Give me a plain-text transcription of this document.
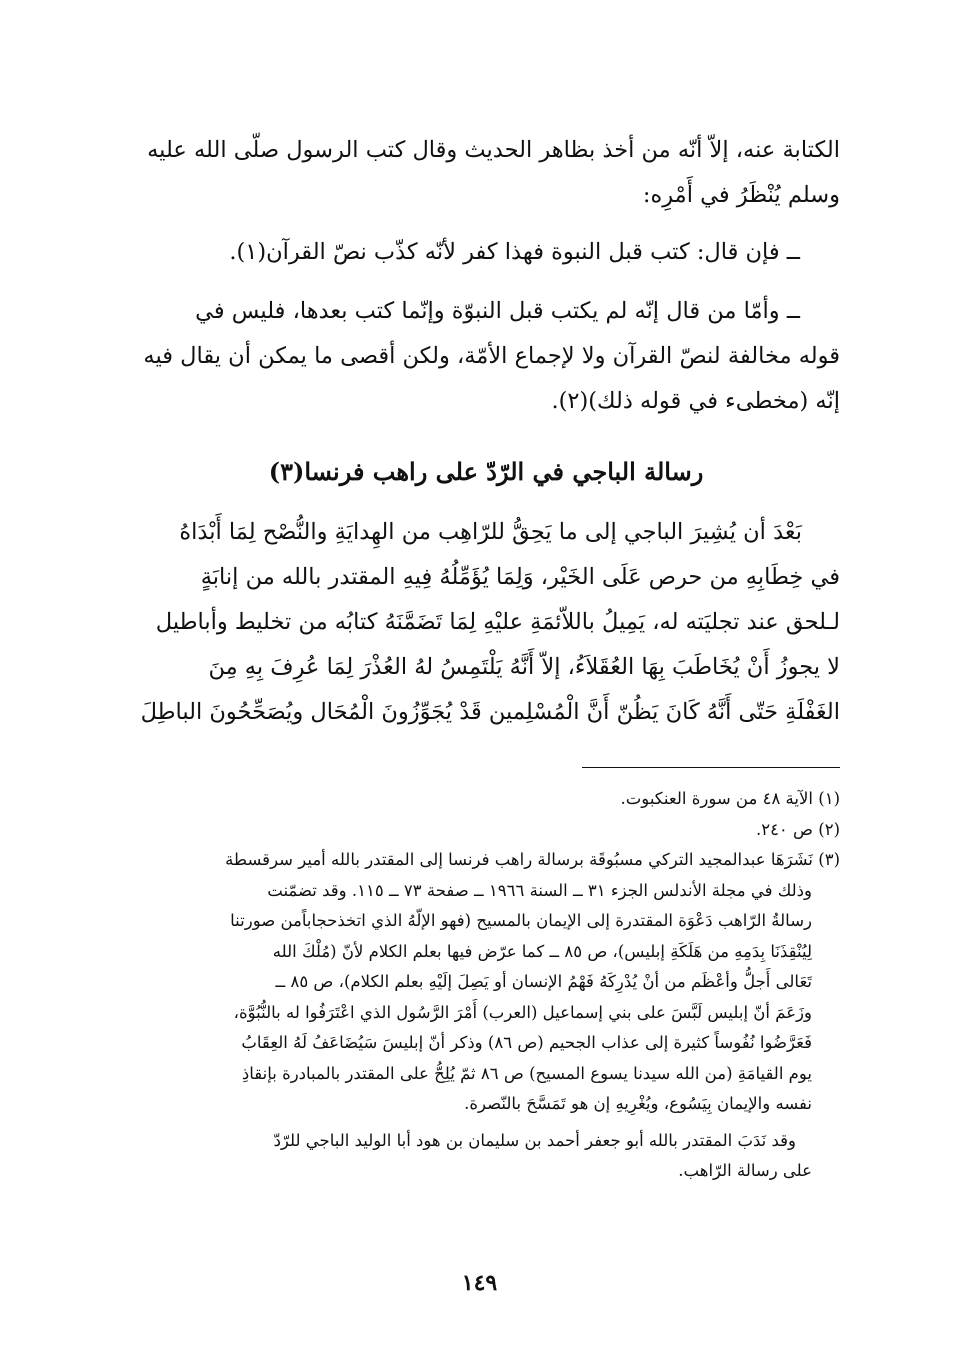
الكتابة عنه، إلاّ أنّه من أخذ بظاهر الحديث وقال كتب الرسول صلّى الله عليه
وسلم يُنْظَرُ في أَمْرِه:

ــ فإن قال: كتب قبل النبوة فهذا كفر لأنّه كذّب نصّ القرآن(١).

ــ وأمّا من قال إنّه لم يكتب قبل النبوّة وإنّما كتب بعدها، فليس في
قوله مخالفة لنصّ القرآن ولا لإجماع الأمّة، ولكن أقصى ما يمكن أن يقال فيه
إنّه (مخطىء في قوله ذلك)(٢).

رسالة الباجي في الرّدّ على راهب فرنسا(٣)
بَعْدَ أن يُشِيرَ الباجي إلى ما يَحِقُّ للرّاهِب من الهِدايَةِ والنُّصْح لِمَا أَبْدَاهُ
في خِطَابِهِ من حرص عَلَى الخَيْر، وَلِمَا يُؤَمِّلُهُ فِيهِ المقتدر بالله من إنابَةٍ
لـلحق عند تجليَته له، يَمِيلُ باللاّئمَةِ عليْهِ لِمَا تَضَمَّنَهُ كتابُه من تخليط وأباطيل
لا يجوزُ أَنْ يُخَاطَبَ بِهَا العُقَلاَءُ، إلاّ أَنَّهُ يَلْتَمِسُ لهُ العُذْرَ لِمَا عُرِفَ بِهِ مِنَ
الغَفْلَةِ حَتّى أَنَّهُ كَانَ يَظُنّ أَنَّ الْمُسْلِمين قَدْ يُجَوِّزُونَ الْمُحَال ويُصَحِّحُونَ الباطِلَ
(١) الآية ٤٨ من سورة العنكبوت.
(٢) ص ٢٤٠.
(٣) نَشَرَهَا عبدالمجيد التركي مسبُوقَة برسالة راهب فرنسا إلى المقتدر بالله أمير سرقسطة
وذلك في مجلة الأندلس الجزء ٣١ ــ السنة ١٩٦٦ ــ صفحة ٧٣ ــ ١١٥. وقد تضمّنت
رسالةُ الرّاهب دَعْوَة المقتدرة إلى الإيمان بالمسيح (فهو الإلّهُ الذي اتخذحجاباًمن صورتنا
لِيُنْقِذَنَا بِدَمِهِ من هَلَكَةِ إبليس)، ص ٨٥ ــ كما عرّض فيها بعلم الكلام لأنّ (مُلْكَ الله
تَعَالى أَجلُّ وأعْظَم من أنْ يُدْرِكَهُ فَهْمُ الإنسان أو يَصِلَ إلَيْهِ بعلم الكلام)، ص ٨٥ ــ
وزَعَمَ أنّ إبليس لَبَّسَ على بني إسماعيل (العرب) أَمْرَ الرَّسُول الذي اعْتَرَفُوا له بالنُّبُوَّة،
فَعَرَّضُوا نُفُوساً كثيرة إلى عذاب الجحيم (ص ٨٦) وذكر أنّ إبليسَ سَيُضَاعَفُ لَهُ العِقَابُ
يوم القيامَةِ (من الله سيدنا يسوع المسيح) ص ٨٦ ثمّ يُلِحُّ على المقتدر بالمبادرة بإنقاذِ
نفسه والإيمان بِيَسُوع، ويُغْرِيهِ إن هو تَمَسَّحَ بالنّصرة.
وقد نَدَبَ المقتدر بالله أبو جعفر أحمد بن سليمان بن هود أبا الوليد الباجي للرّدّ
على رسالة الرّاهب.
١٤٩
